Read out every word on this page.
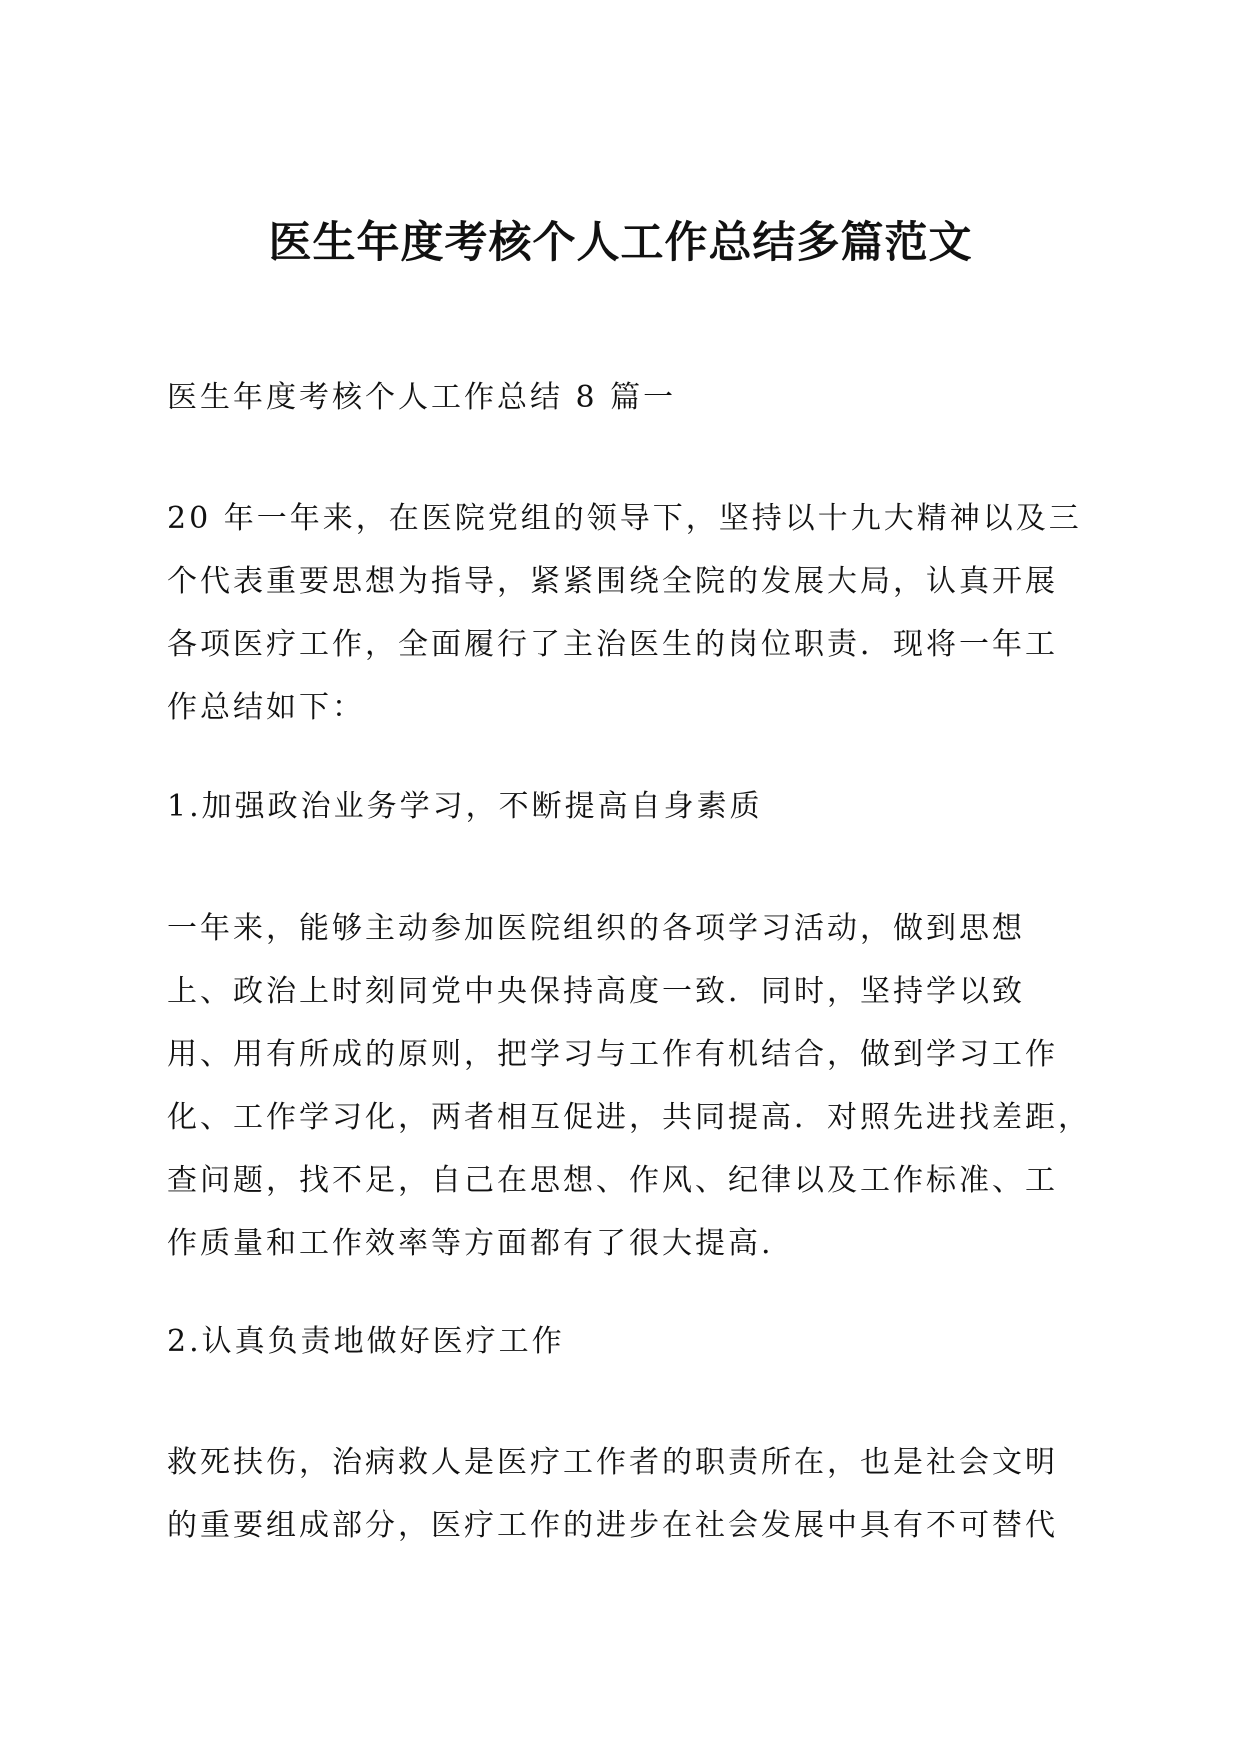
医生年度考核个人工作总结多篇范文
医生年度考核个人工作总结 8 篇一
20 年一年来，在医院党组的领导下，坚持以十九大精神以及三
个代表重要思想为指导，紧紧围绕全院的发展大局，认真开展
各项医疗工作，全面履行了主治医生的岗位职责．现将一年工
作总结如下：
1.加强政治业务学习，不断提高自身素质
一年来，能够主动参加医院组织的各项学习活动，做到思想
上、政治上时刻同党中央保持高度一致．同时，坚持学以致
用、用有所成的原则，把学习与工作有机结合，做到学习工作
化、工作学习化，两者相互促进，共同提高．对照先进找差距，
查问题，找不足，自己在思想、作风、纪律以及工作标准、工
作质量和工作效率等方面都有了很大提高.
2.认真负责地做好医疗工作
救死扶伤，治病救人是医疗工作者的职责所在，也是社会文明
的重要组成部分，医疗工作的进步在社会发展中具有不可替代
